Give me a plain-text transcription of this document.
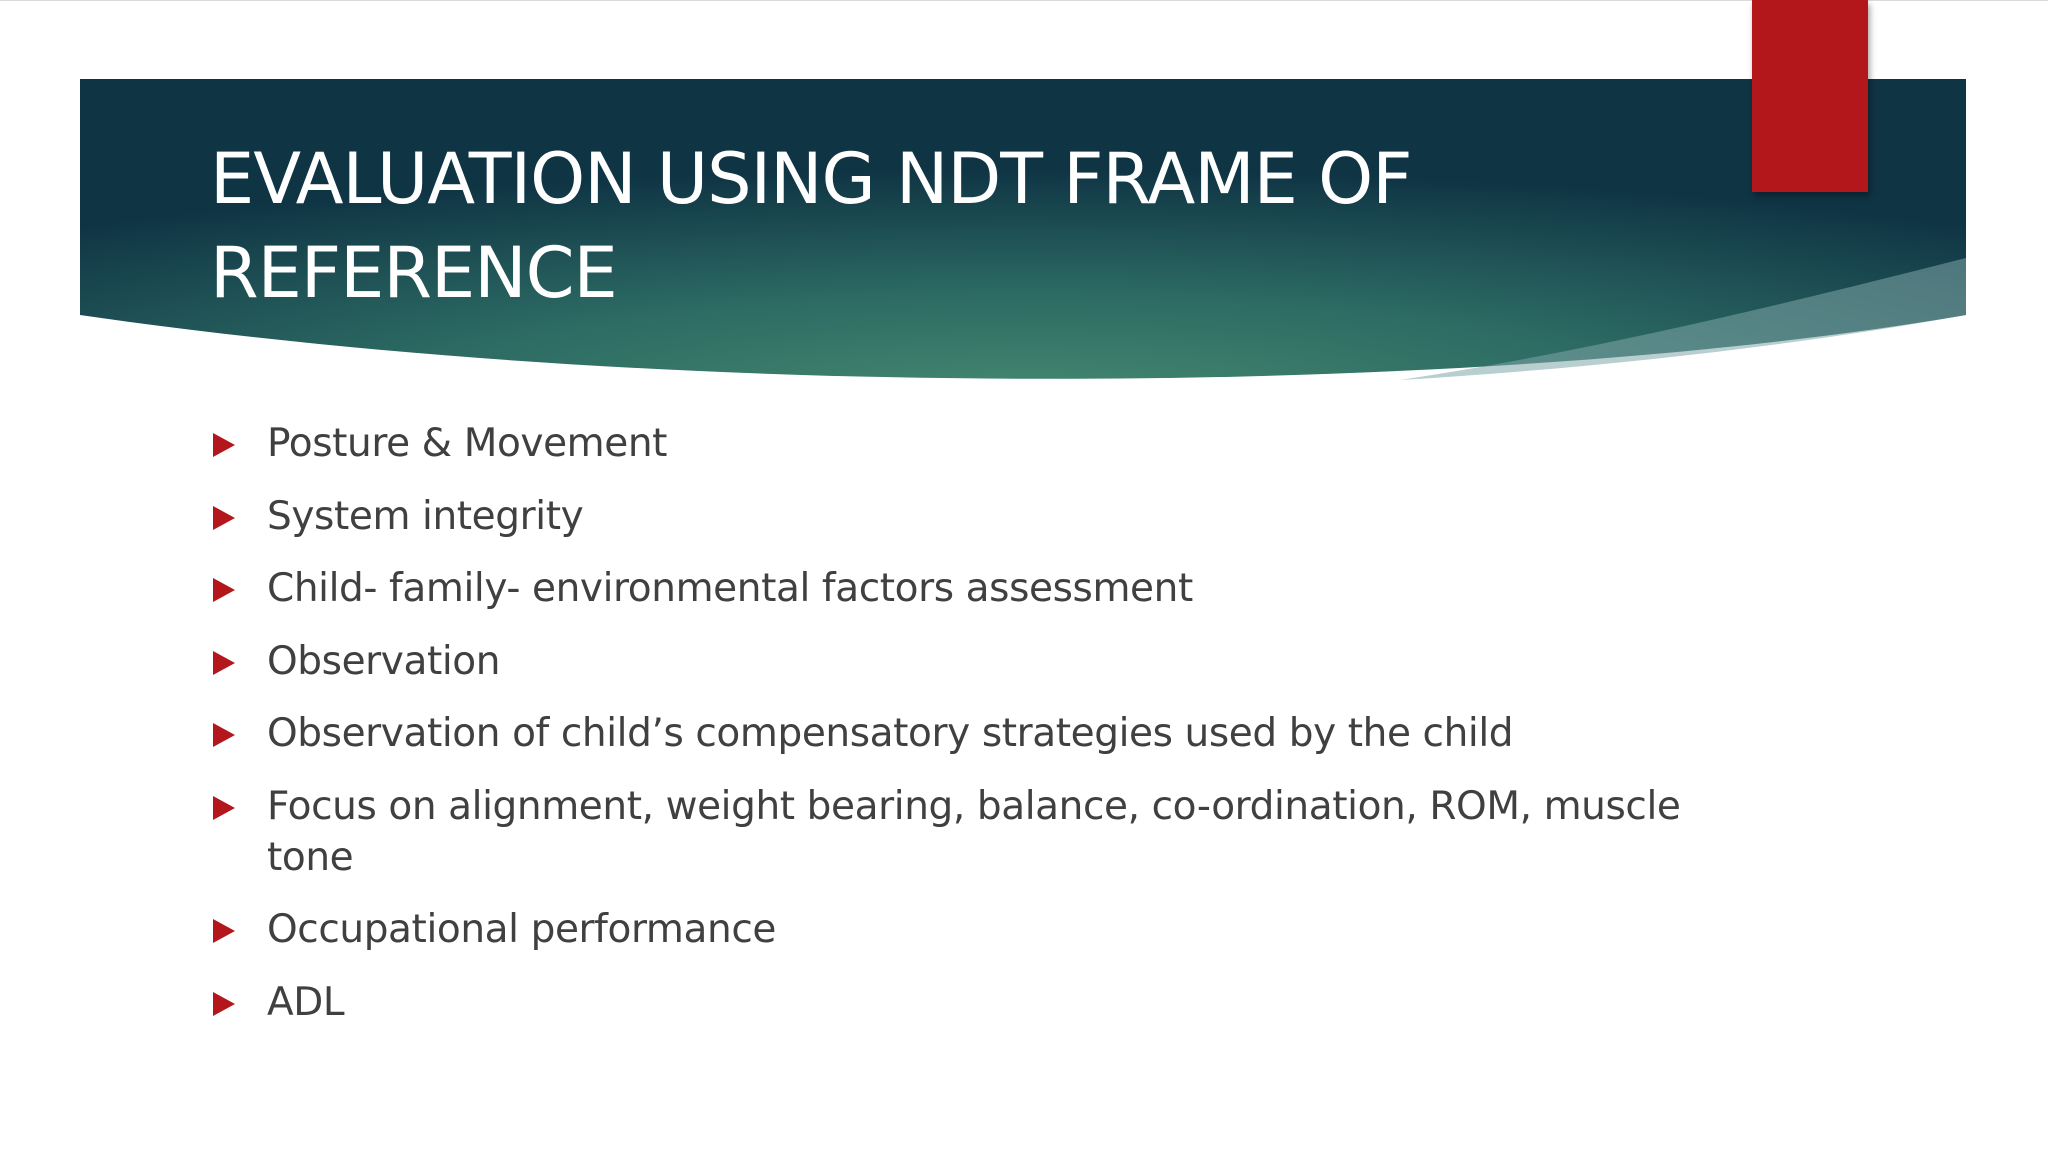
EVALUATION USING NDT FRAME OF REFERENCE
Posture & Movement
System integrity
Child- family- environmental factors assessment
Observation
Observation of child’s compensatory strategies used by the child
Focus on alignment, weight bearing, balance, co-ordination, ROM, muscle tone
Occupational performance
ADL
